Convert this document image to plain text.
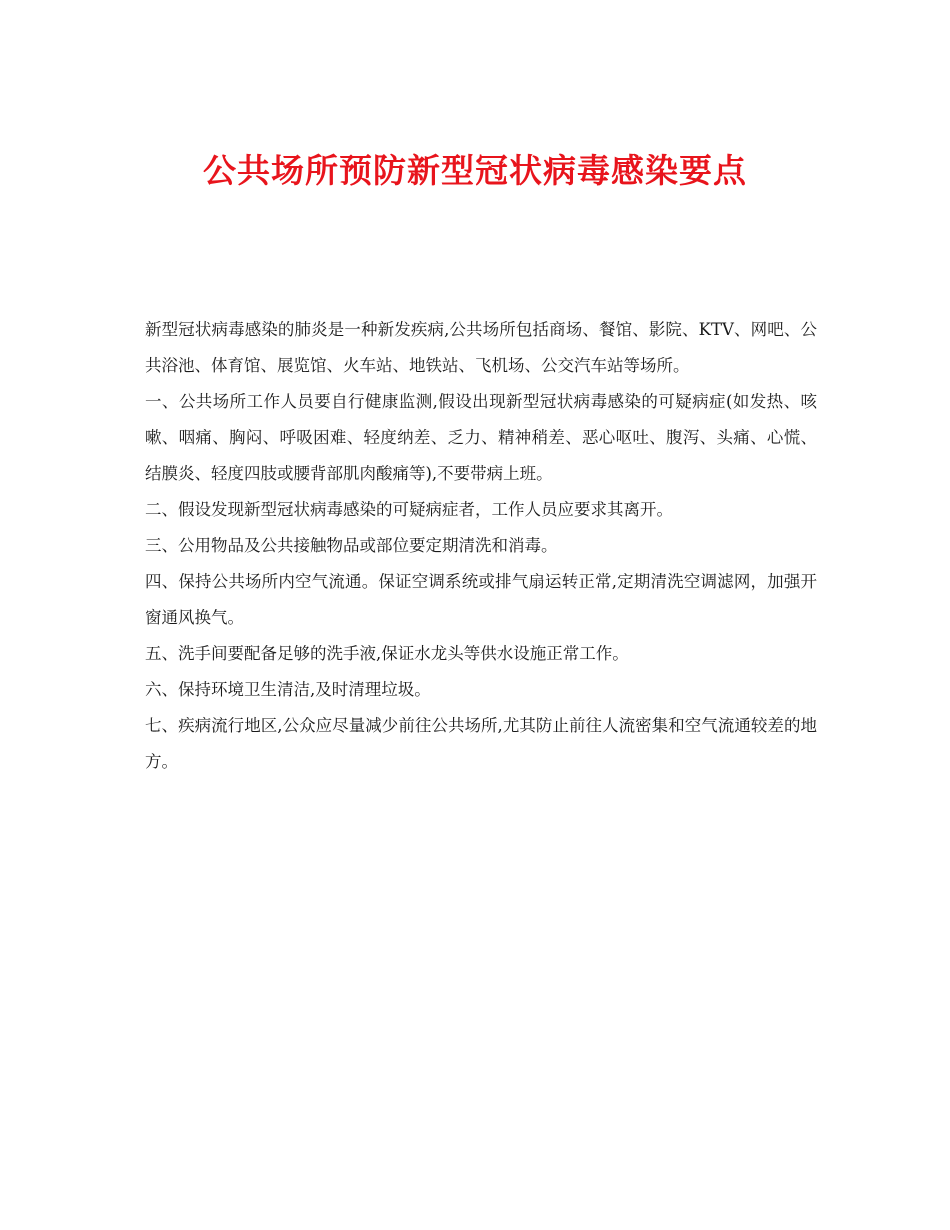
公共场所预防新型冠状病毒感染要点

新型冠状病毒感染的肺炎是一种新发疾病,公共场所包括商场、餐馆、影院、KTV、网吧、公共浴池、体育馆、展览馆、火车站、地铁站、飞机场、公交汽车站等场所。

一、公共场所工作人员要自行健康监测,假设出现新型冠状病毒感染的可疑病症(如发热、咳嗽、咽痛、胸闷、呼吸困难、轻度纳差、乏力、精神稍差、恶心呕吐、腹泻、头痛、心慌、结膜炎、轻度四肢或腰背部肌肉酸痛等),不要带病上班。

二、假设发现新型冠状病毒感染的可疑病症者，工作人员应要求其离开。

三、公用物品及公共接触物品或部位要定期清洗和消毒。

四、保持公共场所内空气流通。保证空调系统或排气扇运转正常,定期清洗空调滤网，加强开窗通风换气。

五、洗手间要配备足够的洗手液,保证水龙头等供水设施正常工作。

六、保持环境卫生清洁,及时清理垃圾。

七、疾病流行地区,公众应尽量减少前往公共场所,尤其防止前往人流密集和空气流通较差的地方。
